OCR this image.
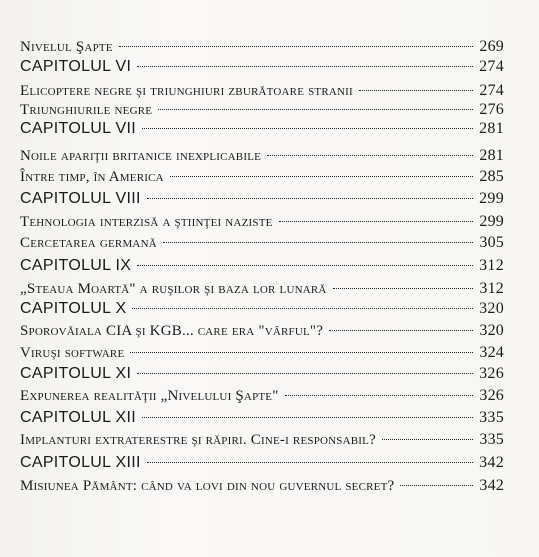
Nivelul Şapte	269
CAPITOLUL VI	274
Elicoptere negre şi triunghiuri zburătoare stranii	274
Triunghiurile negre	276
CAPITOLUL VII	281
Noile apariţii britanice inexplicabile	281
Între timp, în America	285
CAPITOLUL VIII	299
Tehnologia interzisă a ştiinţei naziste	299
Cercetarea germană	305
CAPITOLUL IX	312
„Steaua Moartă" a ruşilor şi baza lor lunară	312
CAPITOLUL X	320
Sporovăiala CIA şi KGB... care era "vârful"?	320
Viruşi software	324
CAPITOLUL XI	326
Expunerea realităţii „Nivelului Şapte"	326
CAPITOLUL XII	335
Implanturi extraterestre şi răpiri. Cine-i responsabil?	335
CAPITOLUL XIII	342
Misiunea Pământ: când va lovi din nou guvernul secret?	342
